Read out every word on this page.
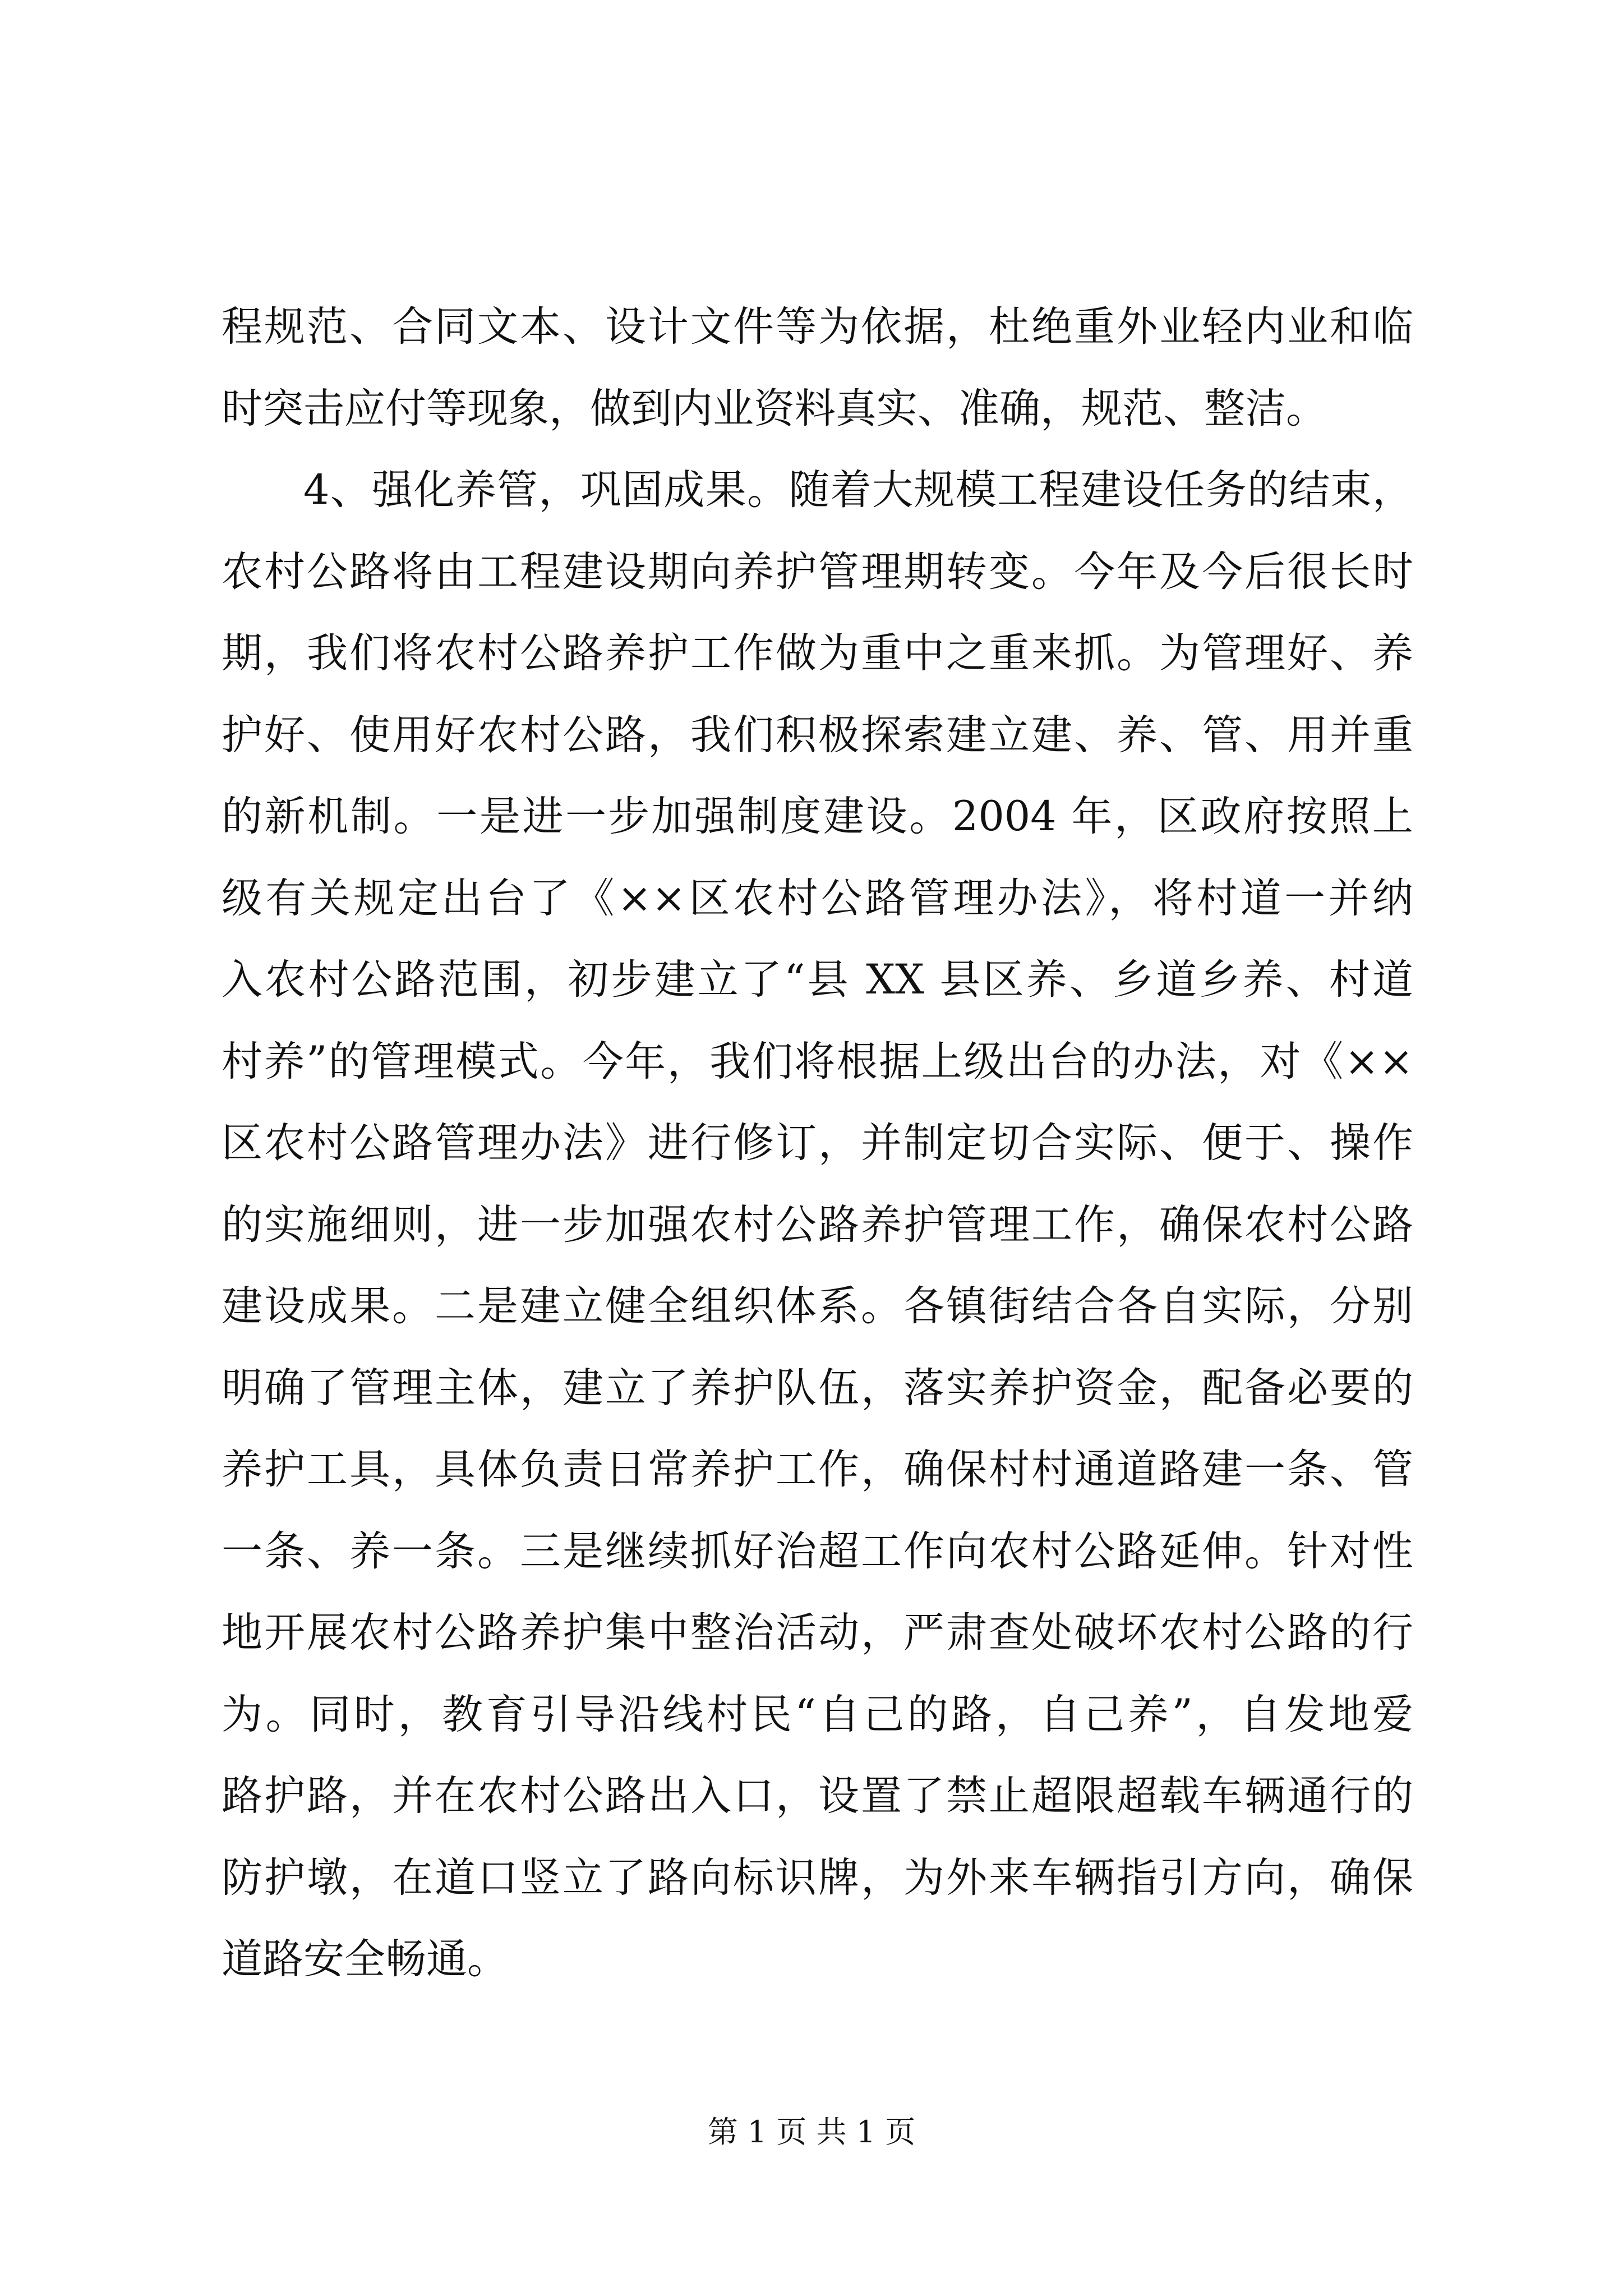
程规范、合同文本、设计文件等为依据，杜绝重外业轻内业和临
时突击应付等现象，做到内业资料真实、准确，规范、整洁。
4、强化养管，巩固成果。随着大规模工程建设任务的结束，
农村公路将由工程建设期向养护管理期转变。今年及今后很长时
期，我们将农村公路养护工作做为重中之重来抓。为管理好、养
护好、使用好农村公路，我们积极探索建立建、养、管、用并重
的新机制。一是进一步加强制度建设。2004 年，区政府按照上
级有关规定出台了《××区农村公路管理办法》，将村道一并纳
入农村公路范围，初步建立了“县 XX 县区养、乡道乡养、村道
村养”的管理模式。今年，我们将根据上级出台的办法，对《××
区农村公路管理办法》进行修订，并制定切合实际、便于、操作
的实施细则，进一步加强农村公路养护管理工作，确保农村公路
建设成果。二是建立健全组织体系。各镇街结合各自实际，分别
明确了管理主体，建立了养护队伍，落实养护资金，配备必要的
养护工具，具体负责日常养护工作，确保村村通道路建一条、管
一条、养一条。三是继续抓好治超工作向农村公路延伸。针对性
地开展农村公路养护集中整治活动，严肃查处破坏农村公路的行
为。同时，教育引导沿线村民“自己的路，自己养”，自发地爱
路护路，并在农村公路出入口，设置了禁止超限超载车辆通行的
防护墩，在道口竖立了路向标识牌，为外来车辆指引方向，确保
道路安全畅通。
第 1 页 共 1 页
